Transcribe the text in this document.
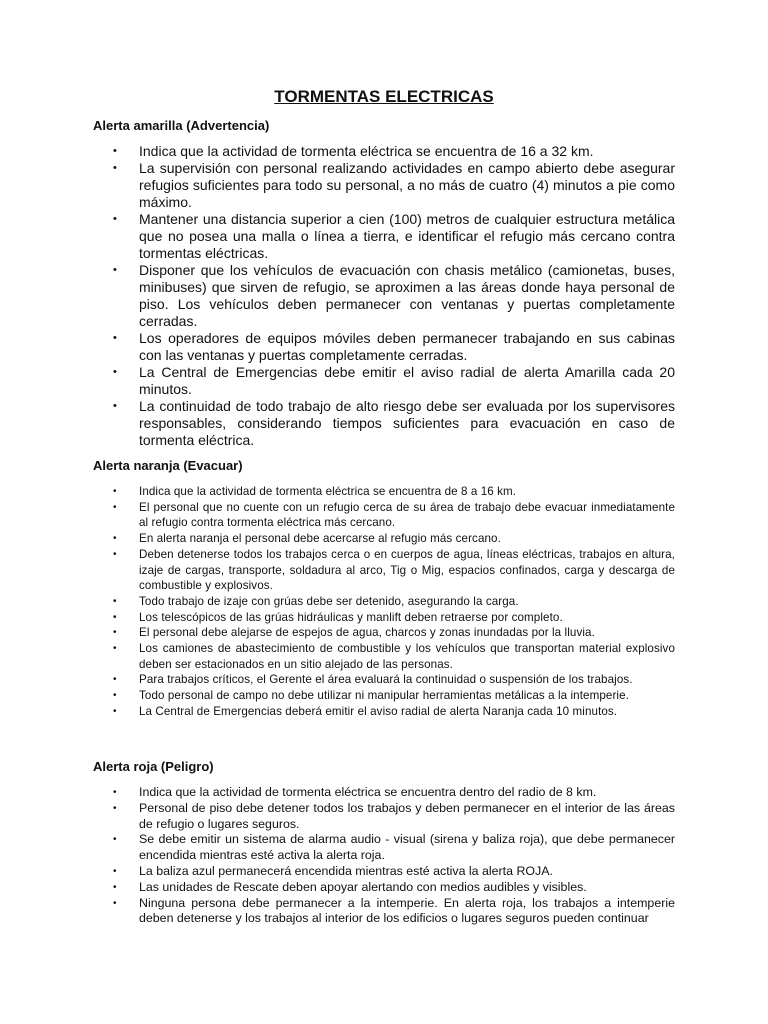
TORMENTAS ELECTRICAS

Alerta amarilla (Advertencia)

• Indica que la actividad de tormenta eléctrica se encuentra de 16 a 32 km.
• La supervisión con personal realizando actividades en campo abierto debe asegurar refugios suficientes para todo su personal, a no más de cuatro (4) minutos a pie como máximo.
• Mantener una distancia superior a cien (100) metros de cualquier estructura metálica que no posea una malla o línea a tierra, e identificar el refugio más cercano contra tormentas eléctricas.
• Disponer que los vehículos de evacuación con chasis metálico (camionetas, buses, minibuses) que sirven de refugio, se aproximen a las áreas donde haya personal de piso. Los vehículos deben permanecer con ventanas y puertas completamente cerradas.
• Los operadores de equipos móviles deben permanecer trabajando en sus cabinas con las ventanas y puertas completamente cerradas.
• La Central de Emergencias debe emitir el aviso radial de alerta Amarilla cada 20 minutos.
• La continuidad de todo trabajo de alto riesgo debe ser evaluada por los supervisores responsables, considerando tiempos suficientes para evacuación en caso de tormenta eléctrica.

Alerta naranja (Evacuar)

• Indica que la actividad de tormenta eléctrica se encuentra de 8 a 16 km.
• El personal que no cuente con un refugio cerca de su área de trabajo debe evacuar inmediatamente al refugio contra tormenta eléctrica más cercano.
• En alerta naranja el personal debe acercarse al refugio más cercano.
• Deben detenerse todos los trabajos cerca o en cuerpos de agua, líneas eléctricas, trabajos en altura, izaje de cargas, transporte, soldadura al arco, Tig o Mig, espacios confinados, carga y descarga de combustible y explosivos.
• Todo trabajo de izaje con grúas debe ser detenido, asegurando la carga.
• Los telescópicos de las grúas hidráulicas y manlift deben retraerse por completo.
• El personal debe alejarse de espejos de agua, charcos y zonas inundadas por la lluvia.
• Los camiones de abastecimiento de combustible y los vehículos que transportan material explosivo deben ser estacionados en un sitio alejado de las personas.
• Para trabajos críticos, el Gerente el área evaluará la continuidad o suspensión de los trabajos.
• Todo personal de campo no debe utilizar ni manipular herramientas metálicas a la intemperie.
• La Central de Emergencias deberá emitir el aviso radial de alerta Naranja cada 10 minutos.

Alerta roja (Peligro)

• Indica que la actividad de tormenta eléctrica se encuentra dentro del radio de 8 km.
• Personal de piso debe detener todos los trabajos y deben permanecer en el interior de las áreas de refugio o lugares seguros.
• Se debe emitir un sistema de alarma audio - visual (sirena y baliza roja), que debe permanecer encendida mientras esté activa la alerta roja.
• La baliza azul permanecerá encendida mientras esté activa la alerta ROJA.
• Las unidades de Rescate deben apoyar alertando con medios audibles y visibles.
• Ninguna persona debe permanecer a la intemperie. En alerta roja, los trabajos a intemperie deben detenerse y los trabajos al interior de los edificios o lugares seguros pueden continuar
